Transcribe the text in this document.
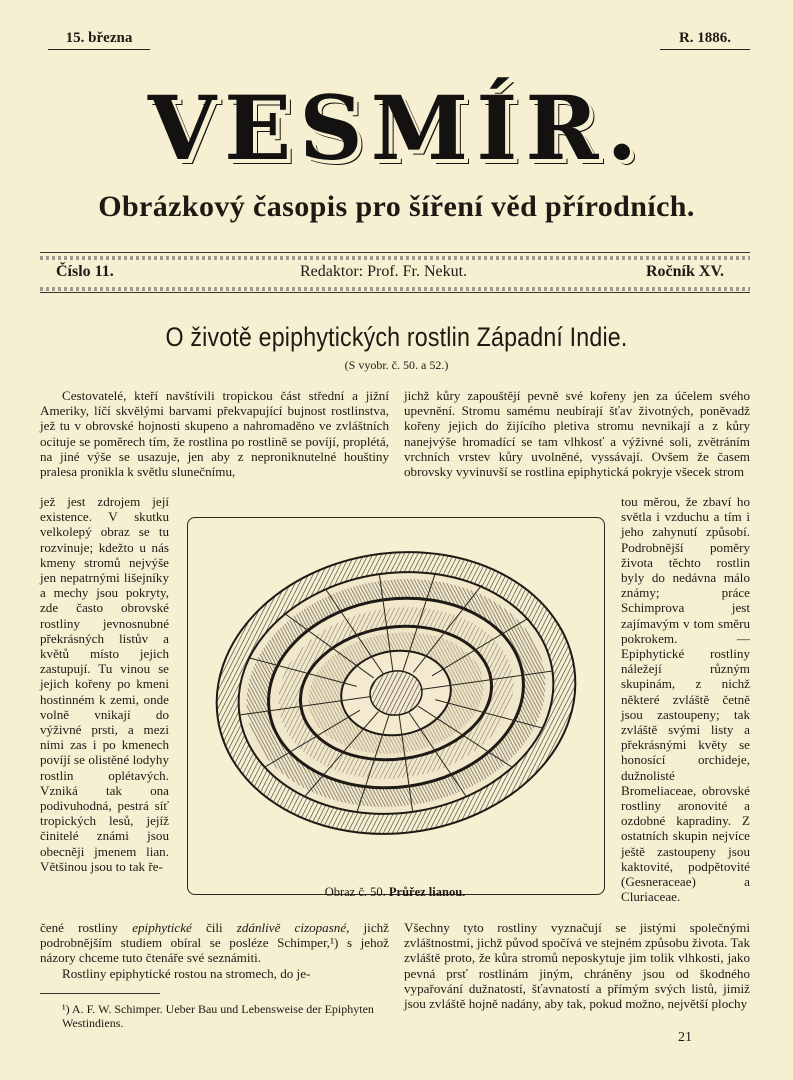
15. března	R. 1886.
VESMÍR.
Obrázkový časopis pro šíření věd přírodních.
Číslo 11.	Redaktor: Prof. Fr. Nekut.	Ročník XV.
O životě epiphytických rostlin Západní Indie.
(S vyobr. č. 50. a 52.)

Cestovatelé, kteří navštívili tropickou část střední a jižní Ameriky, líčí skvělými barvami překvapující bujnost rostlinstva, jež tu v obrovské hojnosti skupeno a nahromaděno ve zvláštních ocituje se poměrech tím, že rostlina po rostlině se povíjí, proplétá, na jiné výše se usazuje, jen aby z neproniknutelné houštiny pralesa pronikla k světlu slunečnímu,

jež jest zdrojem její existence. V skutku velkolepý obraz se tu rozvinuje; kdežto u nás kmeny stromů nejvýše jen nepatrnými lišejníky a mechy jsou pokryty, zde často obrovské rostliny jevnosnubné překrásných listův a květů místo jejich zastupují. Tu vinou se jejich kořeny po kmeni hostinném k zemi, onde volně vnikají do výživné prsti, a mezi nimi zas i po kmenech povíjí se olistěné lodyhy rostlin oplétavých. Vzniká tak ona podivuhodná, pestrá síť tropických lesů, jejíž činitelé známi jsou obecněji jmenem lian. Většinou jsou to tak ře-

čené rostliny epiphytické čili zdánlivě cizopasné, jichž podrobnějším studiem obíral se posléze Schimper,¹) s jehož názory chceme tuto čtenáře své seznámiti.

Rostliny epiphytické rostou na stromech, do je-

jichž kůry zapouštějí pevně své kořeny jen za účelem svého upevnění. Stromu samému neubírají šťav životných, poněvadž kořeny jejich do žijícího pletiva stromu nevnikají a z kůry nanejvýše hromadící se tam vlhkosť a výživné soli, zvětráním vrchních vrstev kůry uvolněné, vyssávají. Ovšem že časem obrovsky vyvinuvší se rostlina epiphytická pokryje všecek strom

tou měrou, že zbaví ho světla i vzduchu a tím i jeho zahynutí způsobí. Podrobnější poměry života těchto rostlin byly do nedávna málo známy; práce Schimprova jest zajímavým v tom směru pokrokem. — Epiphytické rostliny náležejí různým skupinám, z nichž některé zvláště četně jsou zastoupeny; tak zvláště svými listy a překrásnými květy se honosící orchideje, dužnolisté Bromeliaceae, obrovské rostliny aronovité a ozdobné kapradiny. Z ostatních skupin nejvíce ještě zastoupeny jsou kaktovité, podpětovité (Gesneraceae) a Cluriaceae.

Všechny tyto rostliny vyznačují se jistými společnými zvláštnostmi, jichž původ spočívá ve stejném způsobu života. Tak zvláště proto, že kůra stromů neposkytuje jim tolik vlhkosti, jako pevná prsť rostlinám jiným, chráněny jsou od škodného vypařování dužnatostí, šťavnatostí a přímým svých listů, jimiž jsou zvláště hojně nadány, aby tak, pokud možno, největší plochy

Obraz č. 50. Průřez lianou.
¹) A. F. W. Schimper. Ueber Bau und Lebensweise der Epiphyten Westindiens.
21
